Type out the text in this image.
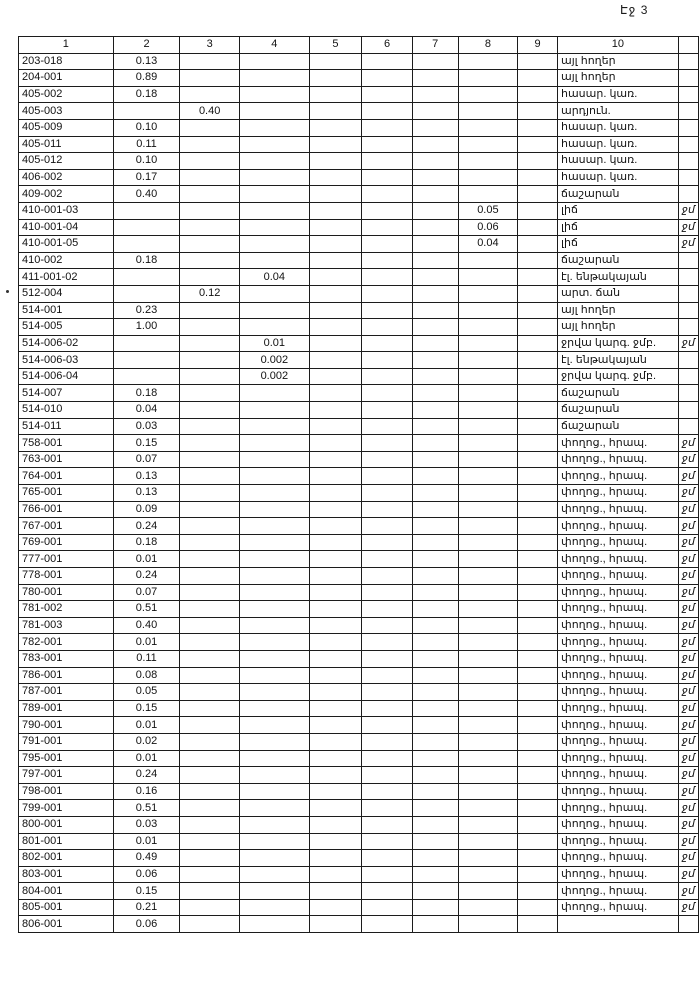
Էջ 3
1	2	3	4	5	6	7	8	9	10	
203-018	0.13								այլ հողեր	
204-001	0.89								այլ հողեր	
405-002	0.18								հասար. կառ.	
405-003		0.40							արդյուն.	
405-009	0.10								հասար. կառ.	
405-011	0.11								հասար. կառ.	
405-012	0.10								հասար. կառ.	
406-002	0.17								հասար. կառ.	
409-002	0.40								ճաշարան	
410-001-03							0.05		լիճ	ջմ
410-001-04							0.06		լիճ	ջմ
410-001-05							0.04		լիճ	ջմ
410-002	0.18								ճաշարան	
411-001-02			0.04						էլ. ենթակայան	
512-004		0.12							արտ. ճան	
514-001	0.23								այլ հողեր	
514-005	1.00								այլ հողեր	
514-006-02			0.01						ջրվա կարգ. ջմբ.	ջմ
514-006-03			0.002						էլ. ենթակայան	
514-006-04			0.002						ջրվա կարգ. ջմբ.	
514-007	0.18								ճաշարան	
514-010	0.04								ճաշարան	
514-011	0.03								ճաշարան	
758-001	0.15								փողոց., հրապ.	ջմ
763-001	0.07								փողոց., հրապ.	ջմ
764-001	0.13								փողոց., հրապ.	ջմ
765-001	0.13								փողոց., հրապ.	ջմ
766-001	0.09								փողոց., հրապ.	ջմ
767-001	0.24								փողոց., հրապ.	ջմ
769-001	0.18								փողոց., հրապ.	ջմ
777-001	0.01								փողոց., հրապ.	ջմ
778-001	0.24								փողոց., հրապ.	ջմ
780-001	0.07								փողոց., հրապ.	ջմ
781-002	0.51								փողոց., հրապ.	ջմ
781-003	0.40								փողոց., հրապ.	ջմ
782-001	0.01								փողոց., հրապ.	ջմ
783-001	0.11								փողոց., հրապ.	ջմ
786-001	0.08								փողոց., հրապ.	ջմ
787-001	0.05								փողոց., հրապ.	ջմ
789-001	0.15								փողոց., հրապ.	ջմ
790-001	0.01								փողոց., հրապ.	ջմ
791-001	0.02								փողոց., հրապ.	ջմ
795-001	0.01								փողոց., հրապ.	ջմ
797-001	0.24								փողոց., հրապ.	ջմ
798-001	0.16								փողոց., հրապ.	ջմ
799-001	0.51								փողոց., հրապ.	ջմ
800-001	0.03								փողոց., հրապ.	ջմ
801-001	0.01								փողոց., հրապ.	ջմ
802-001	0.49								փողոց., հրապ.	ջմ
803-001	0.06								փողոց., հրապ.	ջմ
804-001	0.15								փողոց., հրապ.	ջմ
805-001	0.21								փողոց., հրապ.	ջմ
806-001	0.06									
